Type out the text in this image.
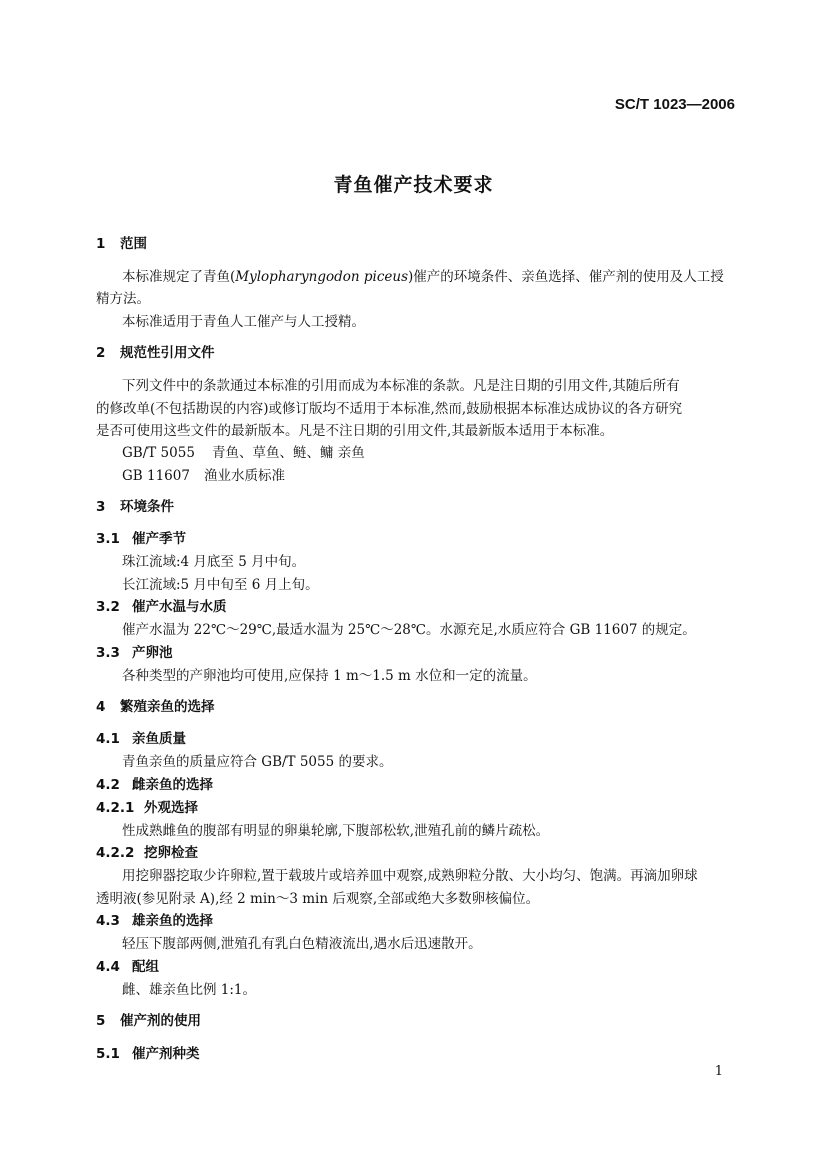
SC/T 1023—2006
青鱼催产技术要求
1 范围
本标准规定了青鱼(Mylopharyngodon piceus)催产的环境条件、亲鱼选择、催产剂的使用及人工授
精方法。
本标准适用于青鱼人工催产与人工授精。
2 规范性引用文件
下列文件中的条款通过本标准的引用而成为本标准的条款。凡是注日期的引用文件,其随后所有
的修改单(不包括勘误的内容)或修订版均不适用于本标准,然而,鼓励根据本标准达成协议的各方研究
是否可使用这些文件的最新版本。凡是不注日期的引用文件,其最新版本适用于本标准。
GB/T 5055 青鱼、草鱼、鲢、鳙 亲鱼
GB 11607 渔业水质标准
3 环境条件
3.1 催产季节
珠江流域:4 月底至 5 月中旬。
长江流域:5 月中旬至 6 月上旬。
3.2 催产水温与水质
催产水温为 22℃～29℃,最适水温为 25℃～28℃。水源充足,水质应符合 GB 11607 的规定。
3.3 产卵池
各种类型的产卵池均可使用,应保持 1 m～1.5 m 水位和一定的流量。
4 繁殖亲鱼的选择
4.1 亲鱼质量
青鱼亲鱼的质量应符合 GB/T 5055 的要求。
4.2 雌亲鱼的选择
4.2.1 外观选择
性成熟雌鱼的腹部有明显的卵巢轮廓,下腹部松软,泄殖孔前的鳞片疏松。
4.2.2 挖卵检查
用挖卵器挖取少许卵粒,置于载玻片或培养皿中观察,成熟卵粒分散、大小均匀、饱满。再滴加卵球
透明液(参见附录 A),经 2 min～3 min 后观察,全部或绝大多数卵核偏位。
4.3 雄亲鱼的选择
轻压下腹部两侧,泄殖孔有乳白色精液流出,遇水后迅速散开。
4.4 配组
雌、雄亲鱼比例 1:1。
5 催产剂的使用
5.1 催产剂种类
1
